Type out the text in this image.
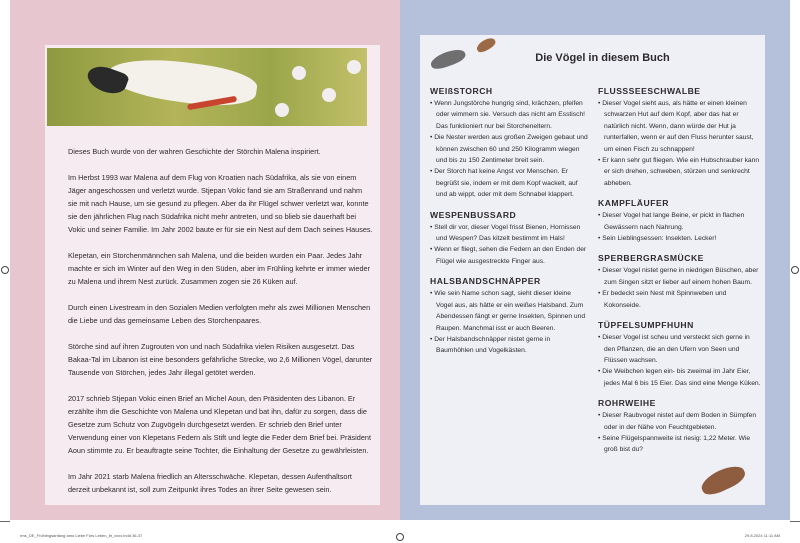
Dieses Buch wurde von der wahren Geschichte der Störchin Malena inspiriert.

Im Herbst 1993 war Malena auf dem Flug von Kroatien nach Südafrika, als sie von einem Jäger angeschossen und verletzt wurde. Stjepan Vokic fand sie am Straßenrand und nahm sie mit nach Hause, um sie gesund zu pflegen. Aber da ihr Flügel schwer verletzt war, konnte sie den jährlichen Flug nach Südafrika nicht mehr antreten, und so blieb sie dauerhaft bei Vokic und seiner Familie. Im Jahr 2002 baute er für sie ein Nest auf dem Dach seines Hauses.

Klepetan, ein Storchenmännchen sah Malena, und die beiden wurden ein Paar. Jedes Jahr machte er sich im Winter auf den Weg in den Süden, aber im Frühling kehrte er immer wieder zu Malena und ihrem Nest zurück. Zusammen zogen sie 26 Küken auf.

Durch einen Livestream in den Sozialen Medien verfolgten mehr als zwei Millionen Menschen die Liebe und das gemeinsame Leben des Storchenpaares.

Störche sind auf ihren Zugrouten von und nach Südafrika vielen Risiken ausgesetzt. Das Bakaa-Tal im Libanon ist eine besonders gefährliche Strecke, wo 2,6 Millionen Vögel, darunter Tausende von Störchen, jedes Jahr illegal getötet werden.

2017 schrieb Stjepan Vokic einen Brief an Michel Aoun, den Präsidenten des Libanon. Er erzählte ihm die Geschichte von Malena und Klepetan und bat ihn, dafür zu sorgen, dass die Gesetze zum Schutz von Zugvögeln durchgesetzt werden. Er schrieb den Brief unter Verwendung einer von Klepetans Federn als Stift und legte die Feder dem Brief bei. Präsident Aoun stimmte zu. Er beauftragte seine Tochter, die Einhaltung der Gesetze zu gewährleisten.

Im Jahr 2021 starb Malena friedlich an Altersschwäche. Klepetan, dessen Aufenthaltsort derzeit unbekannt ist, soll zum Zeitpunkt ihres Todes an ihrer Seite gewesen sein.

Die Vögel in diesem Buch
WEIßSTORCH
• Wenn Jungstörche hungrig sind, krächzen, pfeifen oder wimmern sie. Versuch das nicht am Esstisch! Das funktioniert nur bei Storcheneltern.
• Die Nester werden aus großen Zweigen gebaut und können zwischen 60 und 250 Kilogramm wiegen und bis zu 150 Zentimeter breit sein.
• Der Storch hat keine Angst vor Menschen. Er begrüßt sie, indem er mit dem Kopf wackelt, auf und ab wippt, oder mit dem Schnabel klappert.
WESPENBUSSARD
• Stell dir vor, dieser Vogel frisst Bienen, Hornissen und Wespen? Das kitzelt bestimmt im Hals!
• Wenn er fliegt, sehen die Federn an den Enden der Flügel wie ausgestreckte Finger aus.
HALSBANDSCHNÄPPER
• Wie sein Name schon sagt, sieht dieser kleine Vogel aus, als hätte er ein weißes Halsband. Zum Abendessen fängt er gerne Insekten, Spinnen und Raupen. Manchmal isst er auch Beeren.
• Der Halsbandschnäpper nistet gerne in Baumhöhlen und Vogelkästen.
FLUSSSEESCHWALBE
• Dieser Vogel sieht aus, als hätte er einen kleinen schwarzen Hut auf dem Kopf, aber das hat er natürlich nicht. Wenn, dann würde der Hut ja runterfallen, wenn er auf den Fluss herunter saust, um einen Fisch zu schnappen!
• Er kann sehr gut fliegen. Wie ein Hubschrauber kann er sich drehen, schweben, stürzen und senkrecht abheben.
KAMPFLÄUFER
• Dieser Vogel hat lange Beine, er pickt in flachen Gewässern nach Nahrung.
• Sein Lieblingsessen: Insekten. Lecker!
SPERBERGRASMÜCKE
• Dieser Vogel nistet gerne in niedrigen Büschen, aber zum Singen sitzt er lieber auf einem hohen Baum.
• Er bedeckt sein Nest mit Spinnweben und Kokonseide.
TÜPFELSUMPFHUHN
• Dieser Vogel ist scheu und versteckt sich gerne in den Pflanzen, die an den Ufern von Seen und Flüssen wachsen.
• Die Weibchen legen ein- bis zweimal im Jahr Eier, jedes Mal 6 bis 15 Eier. Das sind eine Menge Küken.
ROHRWEIHE
• Dieser Raubvogel nistet auf dem Boden in Sümpfen oder in der Nähe von Feuchtgebieten.
• Seine Flügelspannweite ist riesig: 1,22 Meter. Wie groß bist du?
rms_DE_Frühlingsanfang amo Liebe Fürs Leben_bt_xxxx.indd 36-37	29.8.2024 11:11 AM
